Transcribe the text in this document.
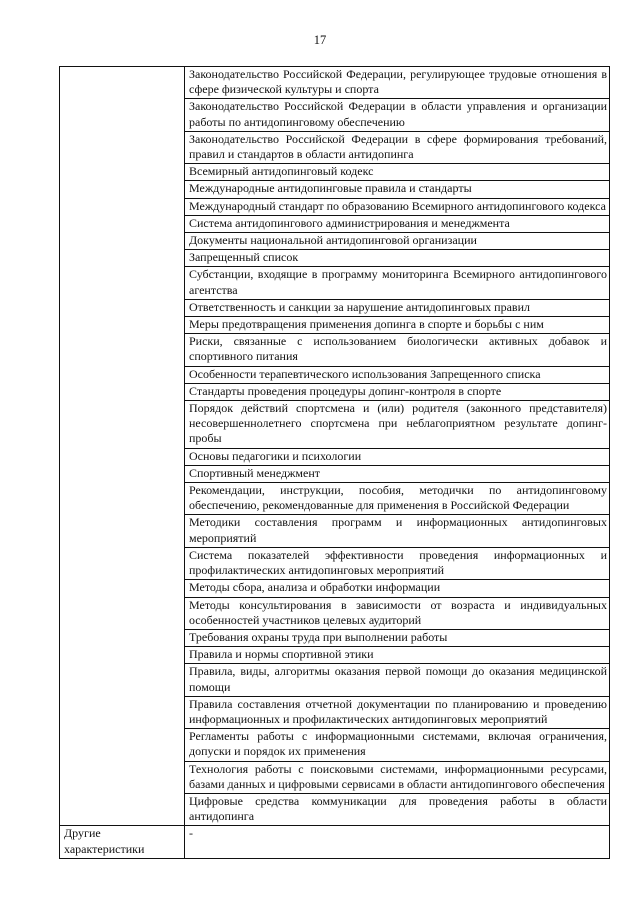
17
	Законодательство Российской Федерации, регулирующее трудовые отношения в сфере физической культуры и спорта
	Законодательство Российской Федерации в области управления и организации работы по антидопинговому обеспечению
	Законодательство Российской Федерации в сфере формирования требований, правил и стандартов в области антидопинга
	Всемирный антидопинговый кодекс
	Международные антидопинговые правила и стандарты
	Международный стандарт по образованию Всемирного антидопингового кодекса
	Система антидопингового администрирования и менеджмента
	Документы национальной антидопинговой организации
	Запрещенный список
	Субстанции, входящие в программу мониторинга Всемирного антидопингового агентства
	Ответственность и санкции за нарушение антидопинговых правил
	Меры предотвращения применения допинга в спорте и борьбы с ним
	Риски, связанные с использованием биологически активных добавок и спортивного питания
	Особенности терапевтического использования Запрещенного списка
	Стандарты проведения процедуры допинг-контроля в спорте
	Порядок действий спортсмена и (или) родителя (законного представителя) несовершеннолетнего спортсмена при неблагоприятном результате допинг-пробы
	Основы педагогики и психологии
	Спортивный менеджмент
	Рекомендации, инструкции, пособия, методички по антидопинговому обеспечению, рекомендованные для применения в Российской Федерации
	Методики составления программ и информационных антидопинговых мероприятий
	Система показателей эффективности проведения информационных и профилактических антидопинговых мероприятий
	Методы сбора, анализа и обработки информации
	Методы консультирования в зависимости от возраста и индивидуальных особенностей участников целевых аудиторий
	Требования охраны труда при выполнении работы
	Правила и нормы спортивной этики
	Правила, виды, алгоритмы оказания первой помощи до оказания медицинской помощи
	Правила составления отчетной документации по планированию и проведению информационных и профилактических антидопинговых мероприятий
	Регламенты работы с информационными системами, включая ограничения, допуски и порядок их применения
	Технология работы с поисковыми системами, информационными ресурсами, базами данных и цифровыми сервисами в области антидопингового обеспечения
	Цифровые средства коммуникации для проведения работы в области антидопинга
Другие характеристики	-
